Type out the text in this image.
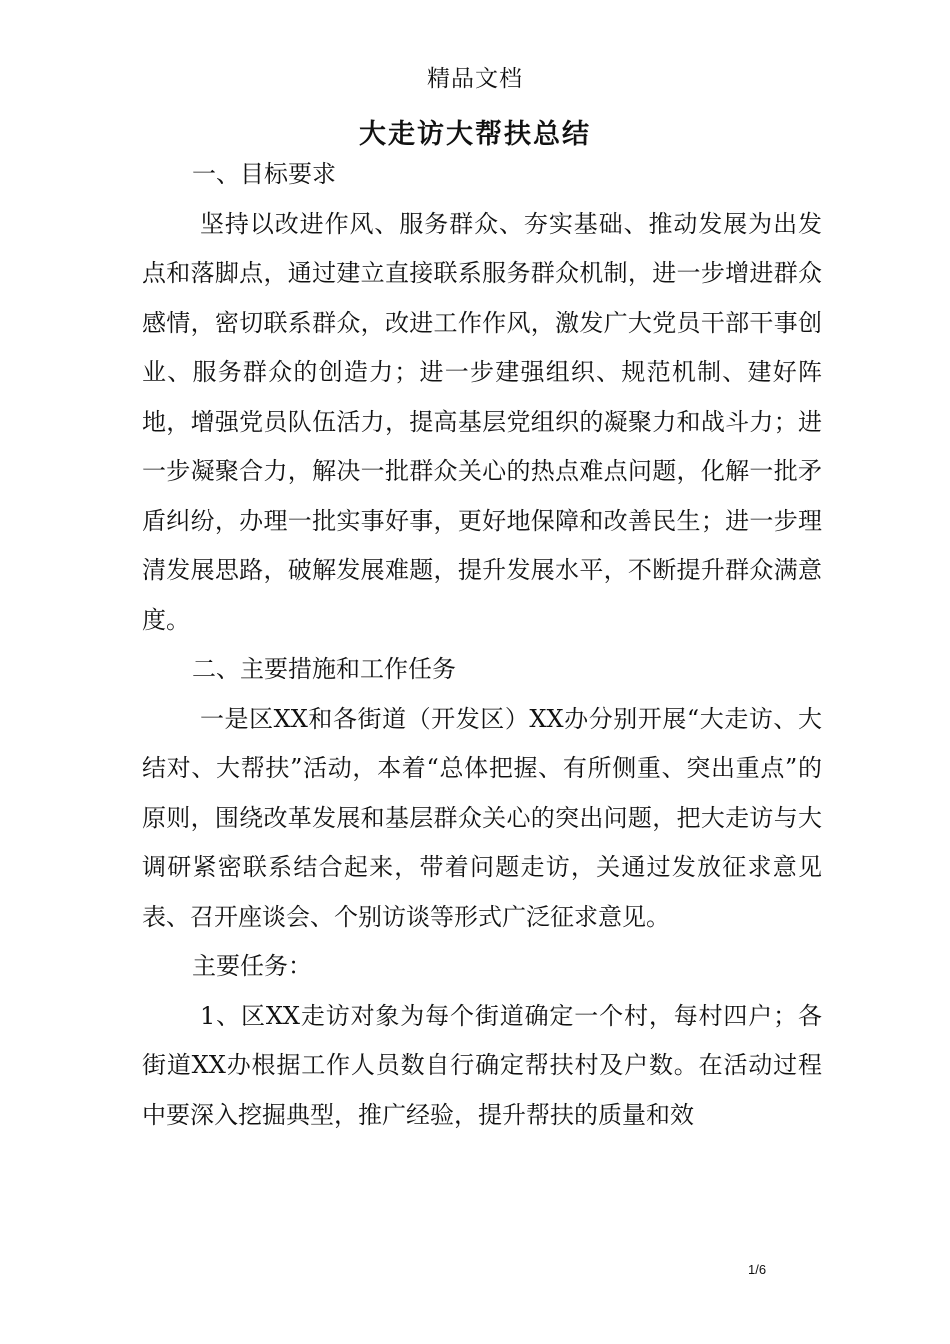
精品文档
大走访大帮扶总结

一、目标要求

坚持以改进作风、服务群众、夯实基础、推动发展为出发点和落脚点，通过建立直接联系服务群众机制，进一步增进群众感情，密切联系群众，改进工作作风，激发广大党员干部干事创业、服务群众的创造力；进一步建强组织、规范机制、建好阵地，增强党员队伍活力，提高基层党组织的凝聚力和战斗力；进一步凝聚合力，解决一批群众关心的热点难点问题，化解一批矛盾纠纷，办理一批实事好事，更好地保障和改善民生；进一步理清发展思路，破解发展难题，提升发展水平，不断提升群众满意度。

二、主要措施和工作任务

一是区XX和各街道（开发区）XX办分别开展“大走访、大结对、大帮扶”活动，本着“总体把握、有所侧重、突出重点”的原则，围绕改革发展和基层群众关心的突出问题，把大走访与大调研紧密联系结合起来，带着问题走访，关通过发放征求意见表、召开座谈会、个别访谈等形式广泛征求意见。

主要任务：

1、区XX走访对象为每个街道确定一个村，每村四户；各街道XX办根据工作人员数自行确定帮扶村及户数。在活动过程中要深入挖掘典型，推广经验，提升帮扶的质量和效

1/6
